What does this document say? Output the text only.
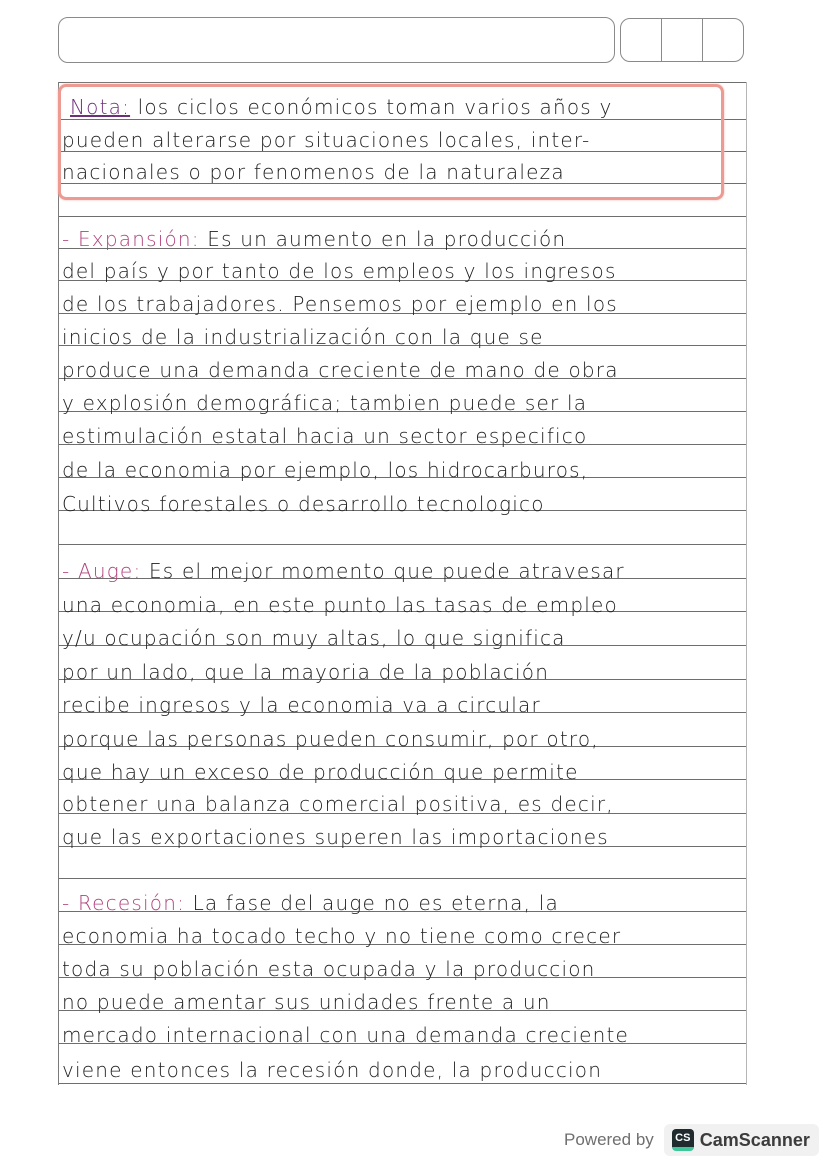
Nota: los ciclos económicos toman varios años y
pueden alterarse por situaciones locales, inter-
nacionales o por fenomenos de la naturaleza
- Expansión: Es un aumento en la producción
del país y por tanto de los empleos y los ingresos
de los trabajadores. Pensemos por ejemplo en los
inicios de la industrialización con la que se
produce una demanda creciente de mano de obra
y explosión demográfica; tambien puede ser la
estimulación estatal hacia un sector especifico
de la economia por ejemplo, los hidrocarburos,
Cultivos forestales o desarrollo tecnologico
- Auge: Es el mejor momento que puede atravesar
una economia, en este punto las tasas de empleo
y/u ocupación son muy altas, lo que significa
por un lado, que la mayoria de la población
recibe ingresos y la economia va a circular
porque las personas pueden consumir, por otro,
que hay un exceso de producción que permite
obtener una balanza comercial positiva, es decir,
que las exportaciones superen las importaciones
- Recesión: La fase del auge no es eterna, la
economia ha tocado techo y no tiene como crecer
toda su población esta ocupada y la produccion
no puede amentar sus unidades frente a un
mercado internacional con una demanda creciente
viene entonces la recesión donde, la produccion
Powered by	CS CamScanner
